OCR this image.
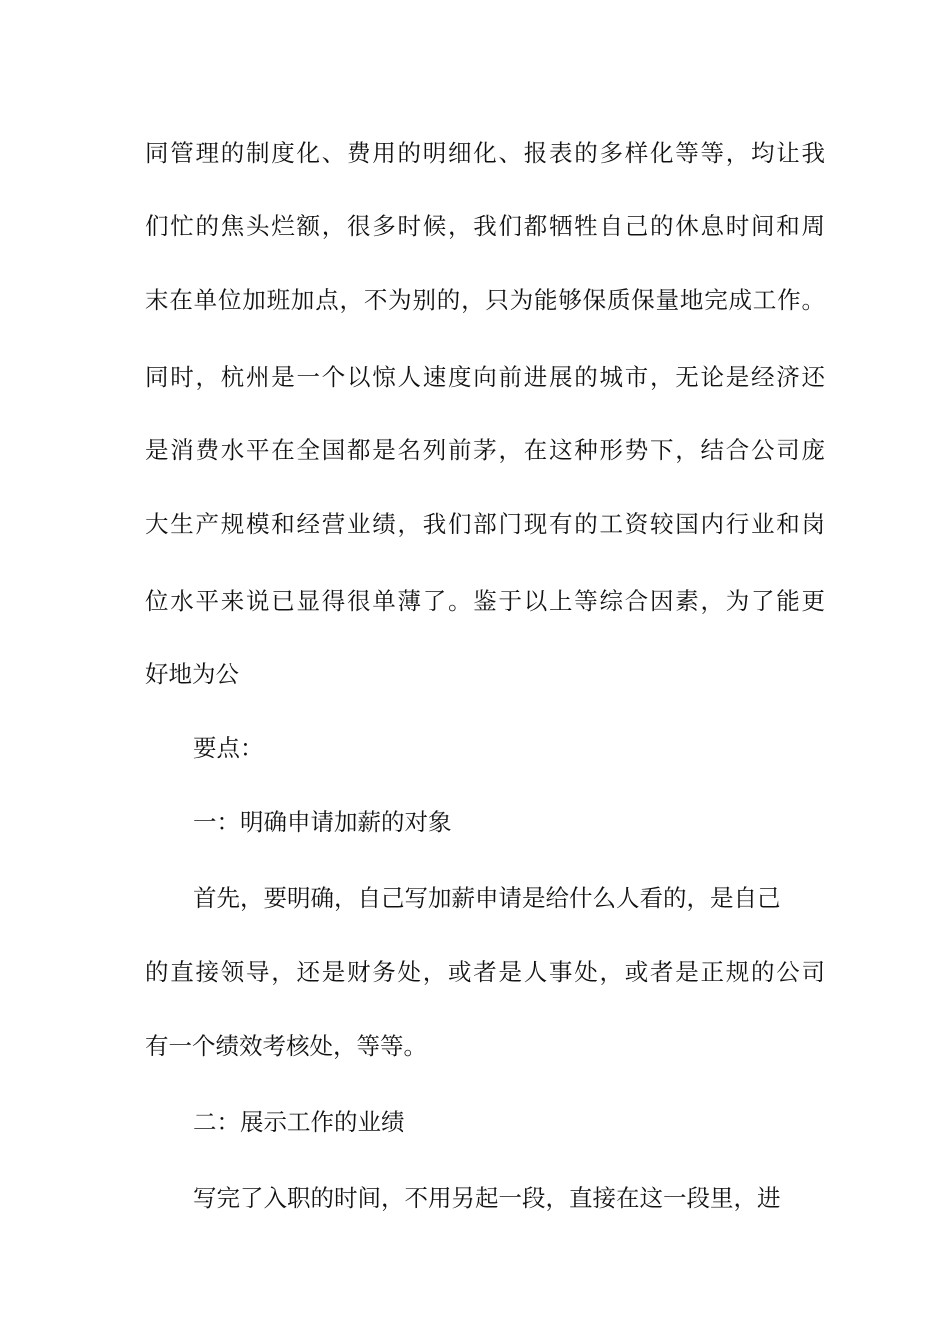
同管理的制度化、费用的明细化、报表的多样化等等，均让我
们忙的焦头烂额，很多时候，我们都牺牲自己的休息时间和周
末在单位加班加点，不为别的，只为能够保质保量地完成工作。
同时，杭州是一个以惊人速度向前进展的城市，无论是经济还
是消费水平在全国都是名列前茅，在这种形势下，结合公司庞
大生产规模和经营业绩，我们部门现有的工资较国内行业和岗
位水平来说已显得很单薄了。鉴于以上等综合因素，为了能更
好地为公
要点：
一：明确申请加薪的对象
首先，要明确，自己写加薪申请是给什么人看的，是自己
的直接领导，还是财务处，或者是人事处，或者是正规的公司
有一个绩效考核处，等等。
二：展示工作的业绩
写完了入职的时间，不用另起一段，直接在这一段里，进
